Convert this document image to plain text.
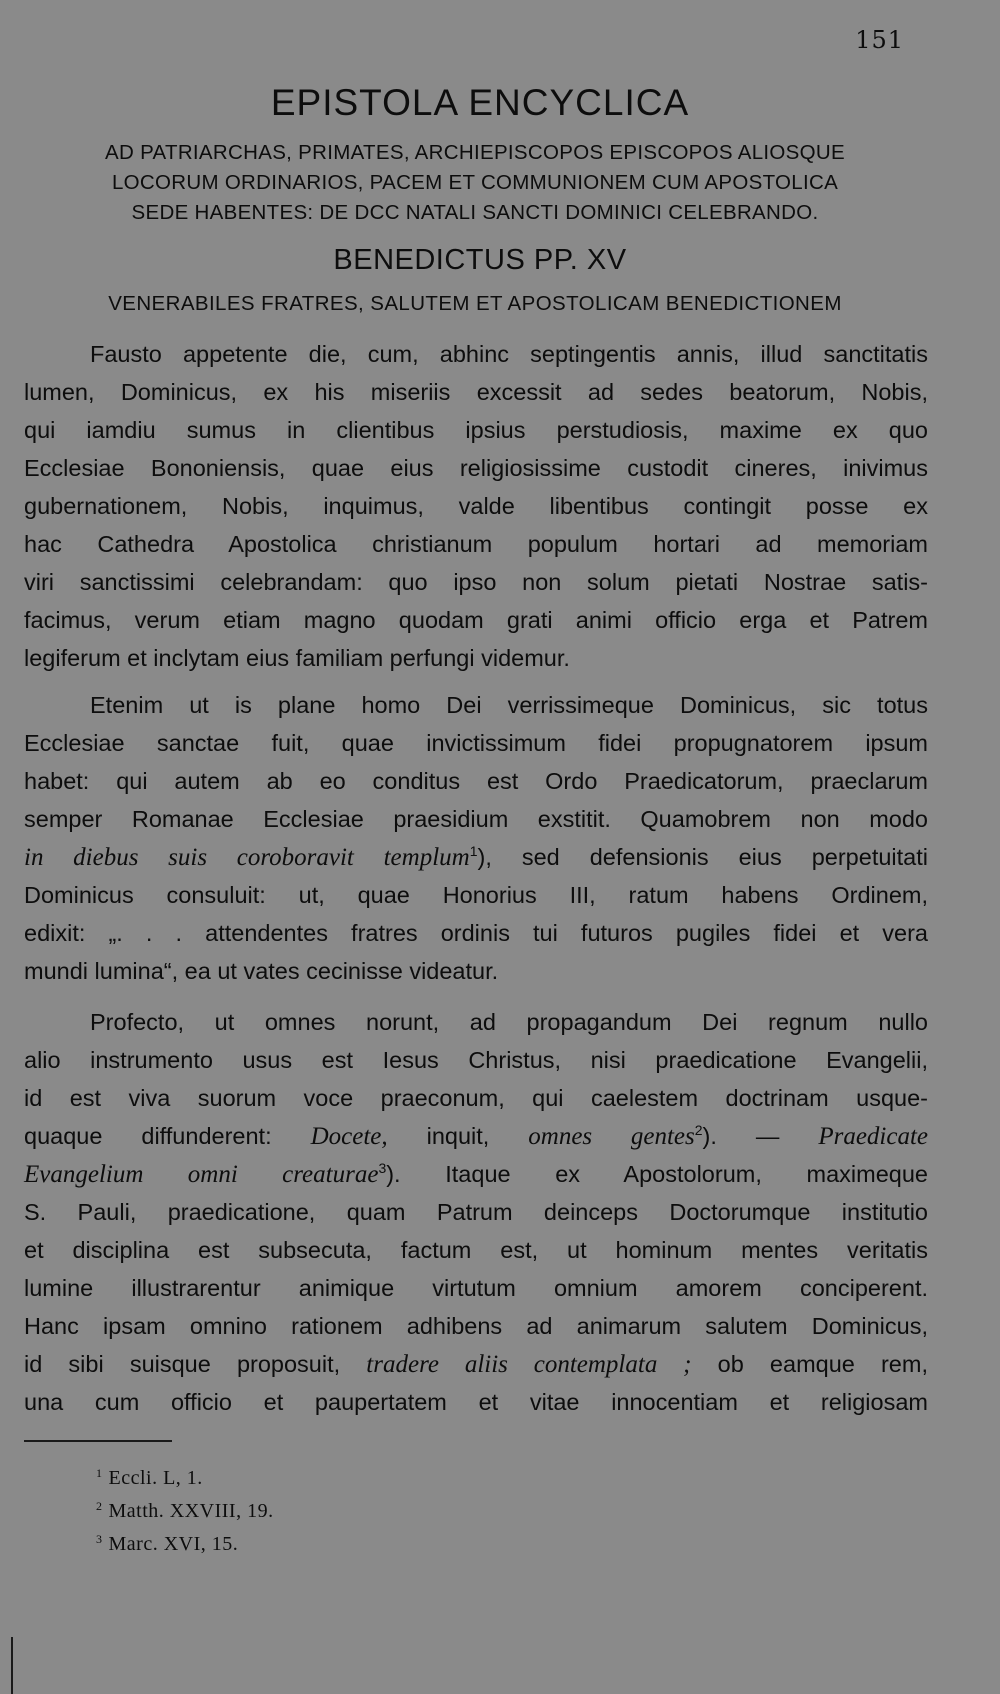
151
EPISTOLA ENCYCLICA
AD PATRIARCHAS, PRIMATES, ARCHIEPISCOPOS EPISCOPOS ALIOSQUE
LOCORUM ORDINARIOS, PACEM ET COMMUNIONEM CUM APOSTOLICA
SEDE HABENTES: DE DCC NATALI SANCTI DOMINICI CELEBRANDO.
BENEDICTUS PP. XV
VENERABILES FRATRES, SALUTEM ET APOSTOLICAM BENEDICTIONEM
Fausto appetente die, cum, abhinc septingentis annis, illud sanctitatis
lumen, Dominicus, ex his miseriis excessit ad sedes beatorum, Nobis,
qui iamdiu sumus in clientibus ipsius perstudiosis, maxime ex quo
Ecclesiae Bononiensis, quae eius religiosissime custodit cineres, inivimus
gubernationem, Nobis, inquimus, valde libentibus contingit posse ex
hac Cathedra Apostolica christianum populum hortari ad memoriam
viri sanctissimi celebrandam: quo ipso non solum pietati Nostrae satis-
facimus, verum etiam magno quodam grati animi officio erga et Patrem
legiferum et inclytam eius familiam perfungi videmur.
Etenim ut is plane homo Dei verrissimeque Dominicus, sic totus
Ecclesiae sanctae fuit, quae invictissimum fidei propugnatorem ipsum
habet: qui autem ab eo conditus est Ordo Praedicatorum, praeclarum
semper Romanae Ecclesiae praesidium exstitit. Quamobrem non modo
in diebus suis coroboravit templum$^1$), sed defensionis eius perpetuitati
Dominicus consuluit: ut, quae Honorius III, ratum habens Ordinem,
edixit: „. . . attendentes fratres ordinis tui futuros pugiles fidei et vera
mundi lumina“, ea ut vates cecinisse videatur.
Profecto, ut omnes norunt, ad propagandum Dei regnum nullo
alio instrumento usus est Iesus Christus, nisi praedicatione Evangelii,
id est viva suorum voce praeconum, qui caelestem doctrinam usque-
quaque diffunderent: Docete, inquit, omnes gentes$^2$). — Praedicate
Evangelium omni creaturae$^3$). Itaque ex Apostolorum, maximeque
S. Pauli, praedicatione, quam Patrum deinceps Doctorumque institutio
et disciplina est subsecuta, factum est, ut hominum mentes veritatis
lumine illustrarentur animique virtutum omnium amorem conciperent.
Hanc ipsam omnino rationem adhibens ad animarum salutem Dominicus,
id sibi suisque proposuit, tradere aliis contemplata ; ob eamque rem,
una cum officio et paupertatem et vitae innocentiam et religiosam
$^1$ Eccli. L, 1.
$^2$ Matth. XXVIII, 19.
$^3$ Marc. XVI, 15.
